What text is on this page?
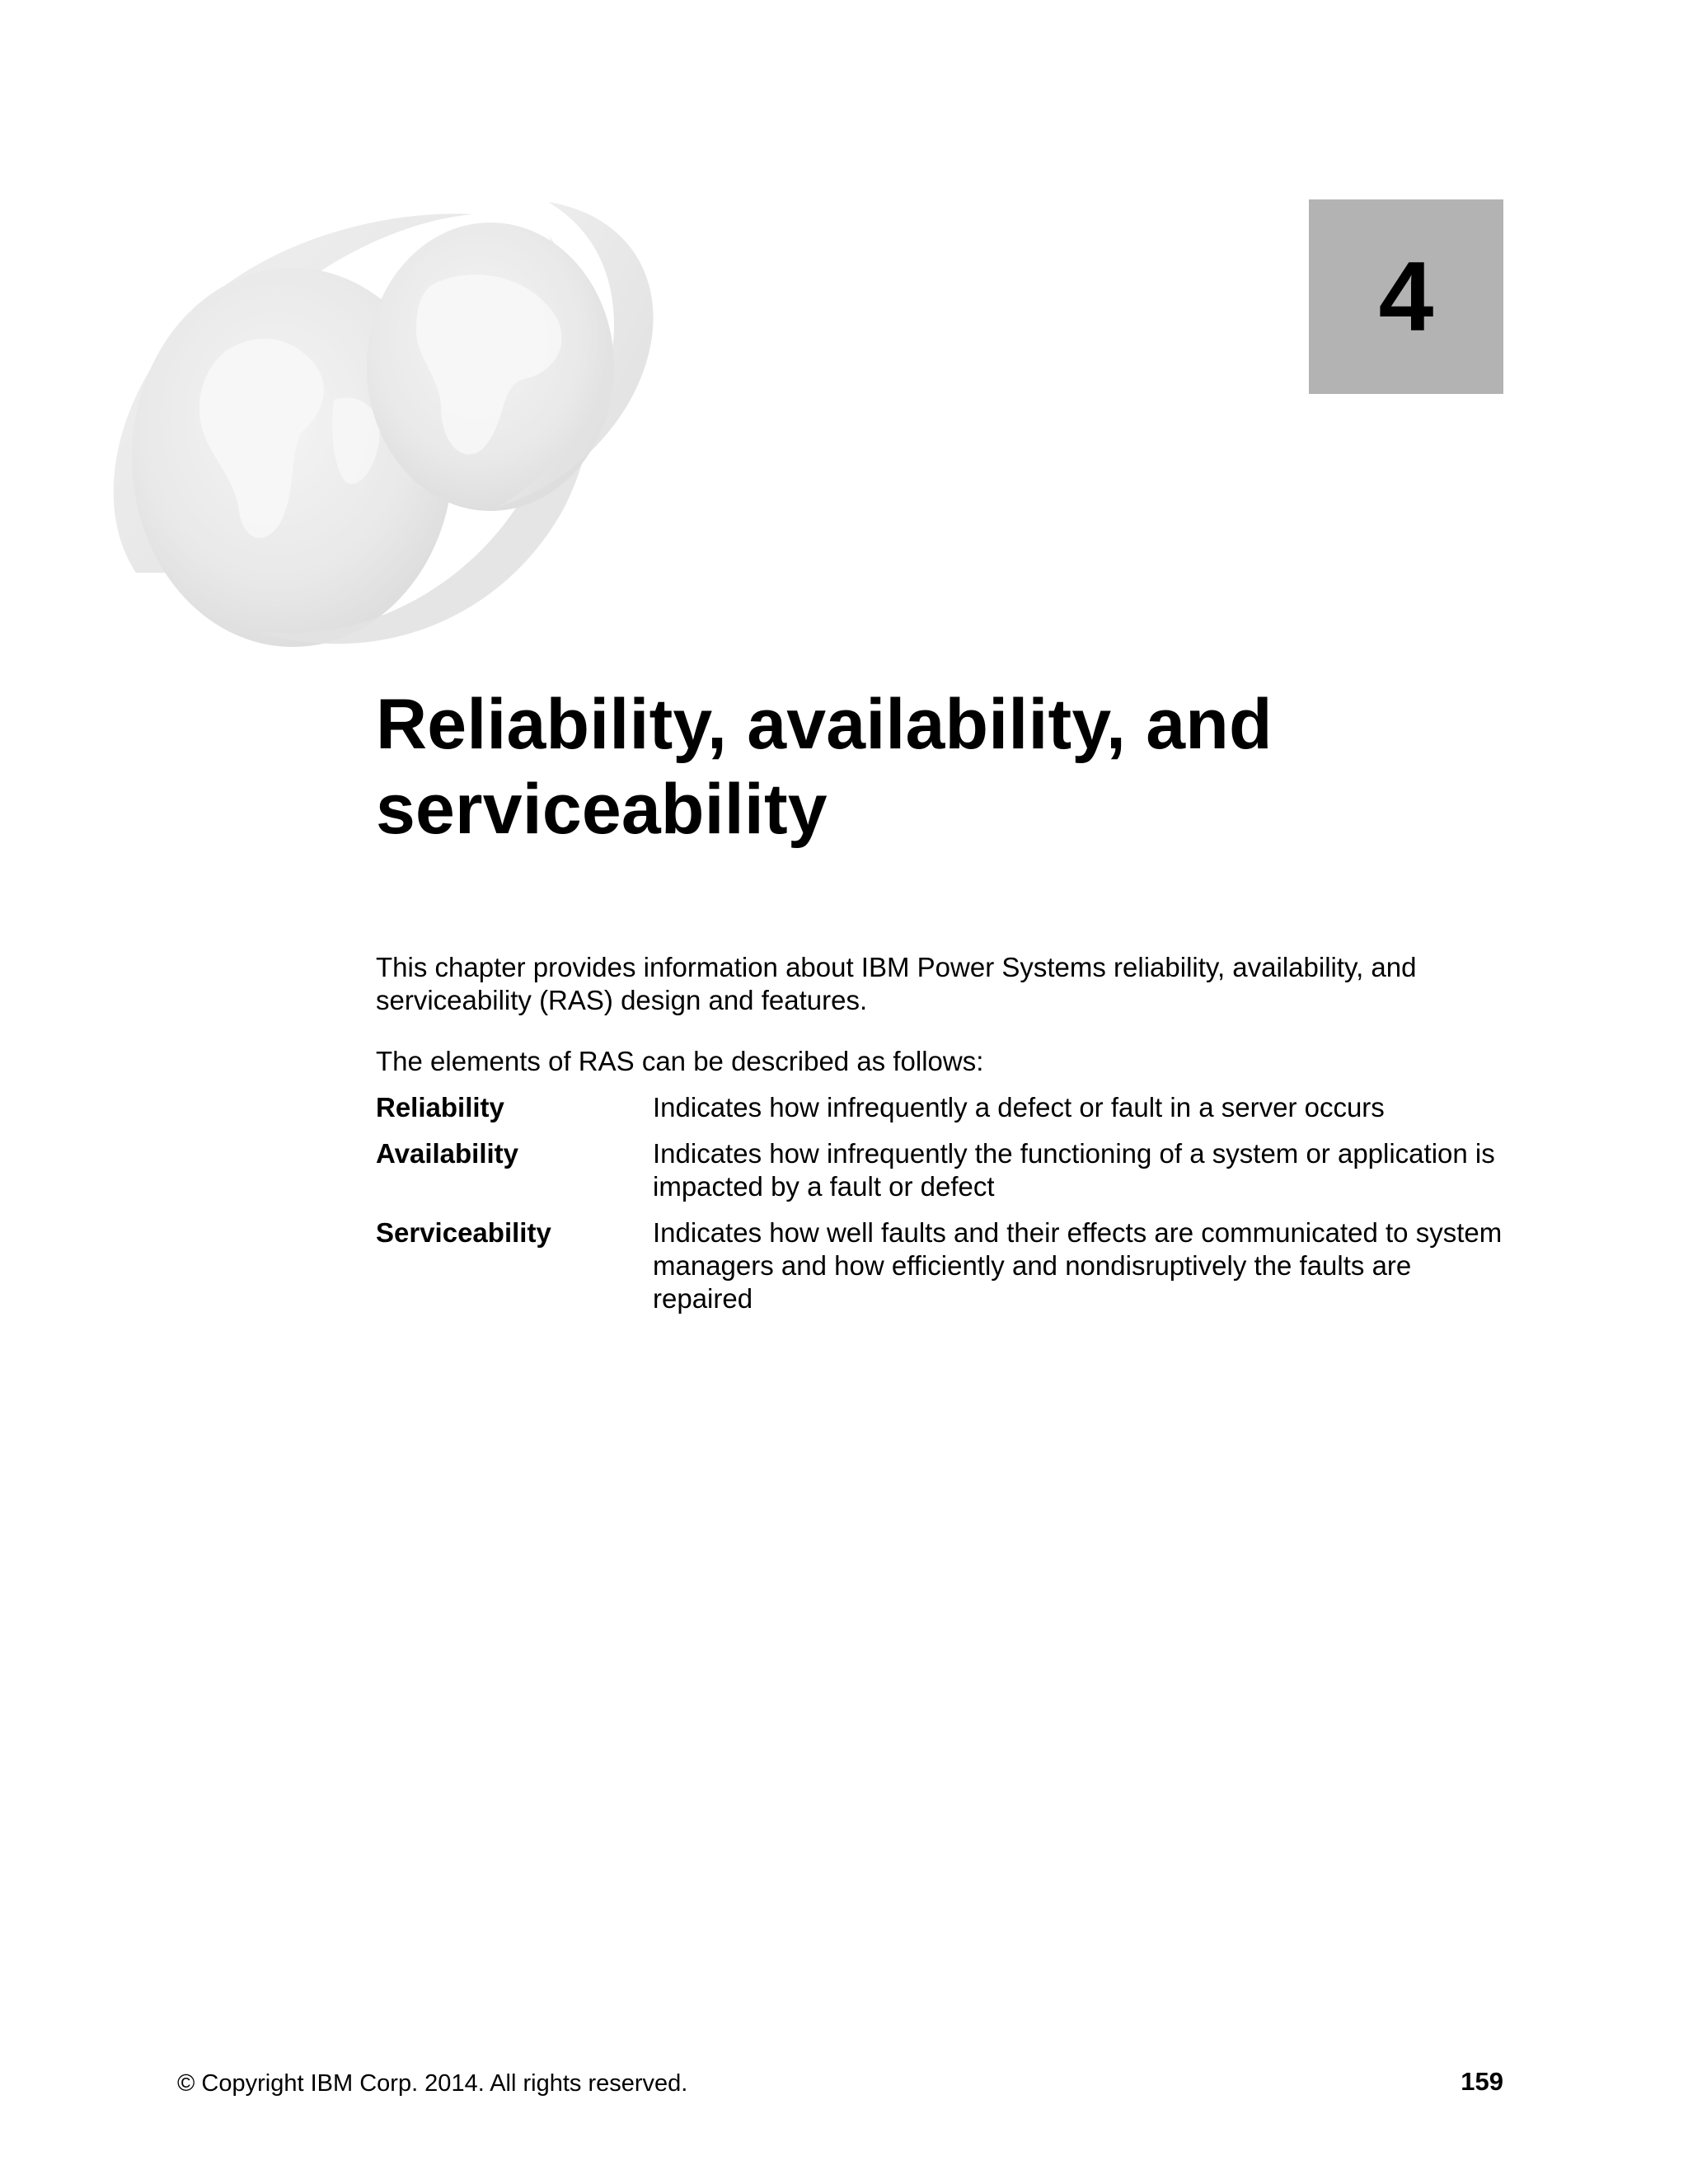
4
Reliability, availability, and
serviceability

This chapter provides information about IBM Power Systems reliability, availability, and serviceability (RAS) design and features.

The elements of RAS can be described as follows:

Reliability	Indicates how infrequently a defect or fault in a server occurs

Availability	Indicates how infrequently the functioning of a system or application is impacted by a fault or defect

Serviceability	Indicates how well faults and their effects are communicated to system managers and how efficiently and nondisruptively the faults are repaired

© Copyright IBM Corp. 2014. All rights reserved.	159
